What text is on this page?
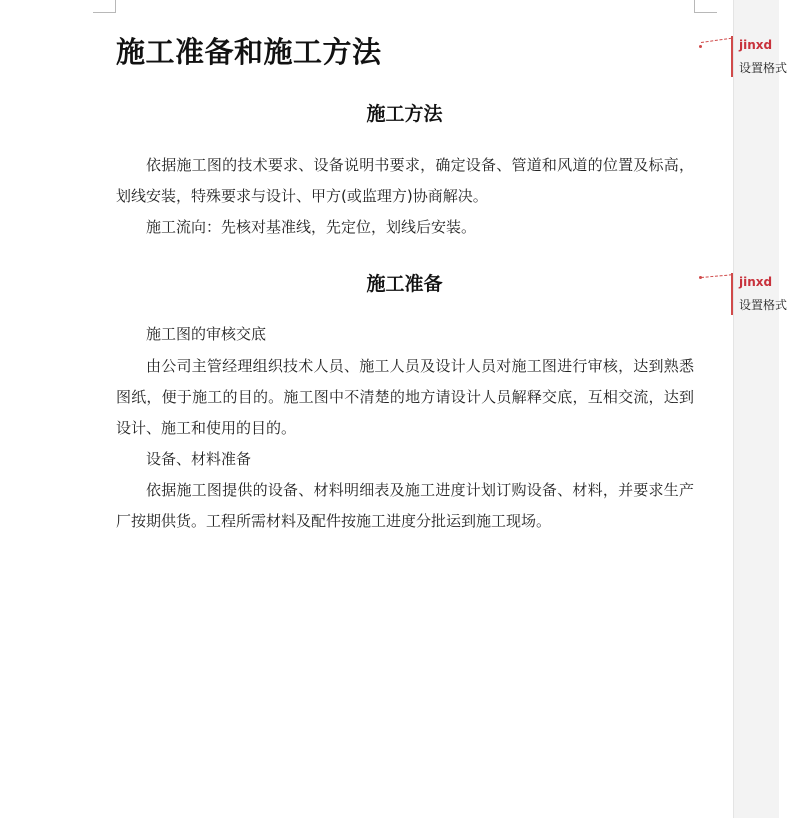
施工准备和施工方法
施工方法

依据施工图的技术要求、设备说明书要求，确定设备、管道和风道的位置及标高，划线安装，特殊要求与设计、甲方(或监理方)协商解决。

施工流向：先核对基准线，先定位，划线后安装。

施工准备

施工图的审核交底

由公司主管经理组织技术人员、施工人员及设计人员对施工图进行审核，达到熟悉图纸，便于施工的目的。施工图中不清楚的地方请设计人员解释交底，互相交流，达到设计、施工和使用的目的。

设备、材料准备

依据施工图提供的设备、材料明细表及施工进度计划订购设备、材料，并要求生产厂按期供货。工程所需材料及配件按施工进度分批运到施工现场。

jinxd
设置格式
jinxd
设置格式
